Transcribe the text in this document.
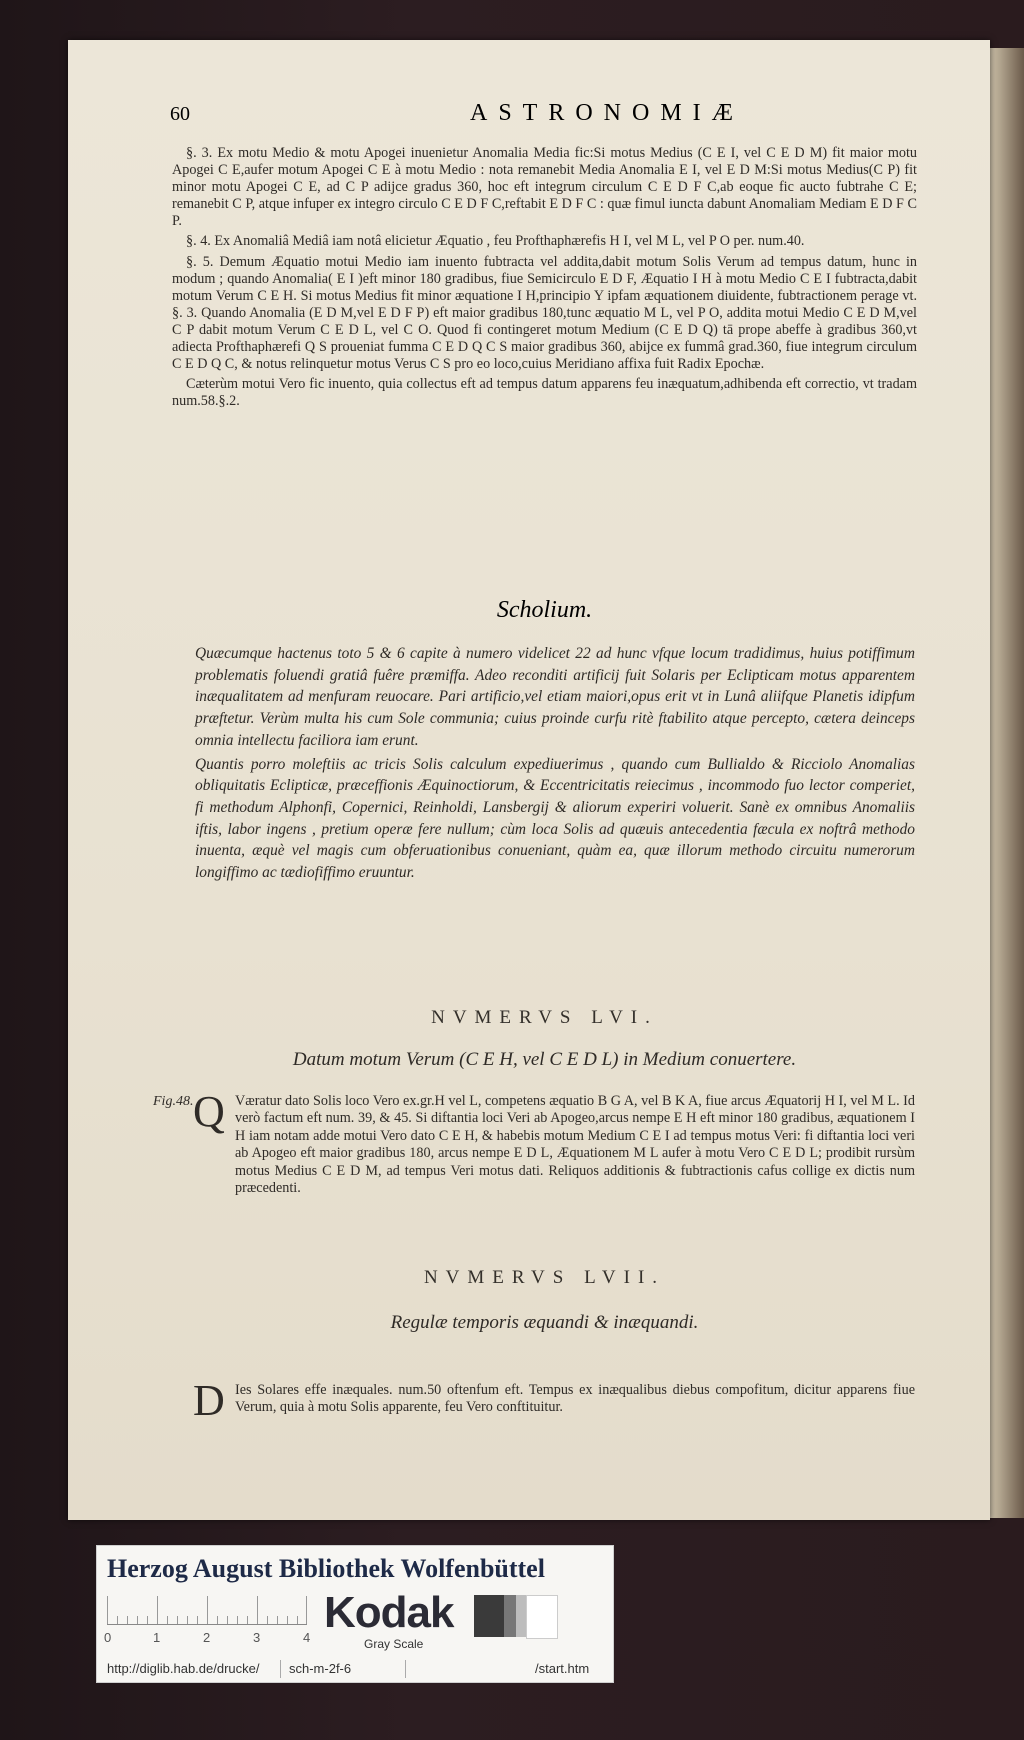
60	ASTRONOMIÆ

§. 3. Ex motu Medio & motu Apogei inuenietur Anomalia Media fic:Si motus Medius (C E I, vel C E D M) fit maior motu Apogei C E,aufer motum Apogei C E à motu Medio : nota remanebit Media Anomalia E I, vel E D M:Si motus Medius(C P) fit minor motu Apogei C E, ad C P adijce gradus 360, hoc eft integrum circulum C E D F C,ab eoque fic aucto fubtrahe C E; remanebit C P, atque infuper ex integro circulo C E D F C,reftabit E D F C : quæ fimul iuncta dabunt Anomaliam Mediam E D F C P.

§. 4. Ex Anomaliâ Mediâ iam notâ elicietur Æquatio , feu Profthaphærefis H I, vel M L, vel P O per. num.40.

§. 5. Demum Æquatio motui Medio iam inuento fubtracta vel addita,dabit motum Solis Verum ad tempus datum, hunc in modum ; quando Anomalia( E I )eft minor 180 gradibus, fiue Semicirculo E D F, Æquatio I H à motu Medio C E I fubtracta,dabit motum Verum C E H. Si motus Medius fit minor æquatione I H,principio Y ipfam æquationem diuidente, fubtractionem perage vt. §. 3. Quando Anomalia (E D M,vel E D F P) eft maior gradibus 180,tunc æquatio M L, vel P O, addita motui Medio C E D M,vel C P dabit motum Verum C E D L, vel C O. Quod fi contingeret motum Medium (C E D Q) tā prope abeffe à gradibus 360,vt adiecta Profthaphærefi Q S proueniat fumma C E D Q C S maior gradibus 360, abijce ex fummâ grad.360, fiue integrum circulum C E D Q C, & notus relinquetur motus Verus C S pro eo loco,cuius Meridiano affixa fuit Radix Epochæ.

Cæterùm motui Vero fic inuento, quia collectus eft ad tempus datum apparens feu inæquatum,adhibenda eft correctio, vt tradam num.58.§.2.

Scholium.

Quæcumque hactenus toto 5 & 6 capite à numero videlicet 22 ad hunc vfque locum tradidimus, huius potiffimum problematis foluendi gratiâ fuêre præmiffa. Adeo reconditi artificij fuit Solaris per Eclipticam motus apparentem inæqualitatem ad menfuram reuocare. Pari artificio,vel etiam maiori,opus erit vt in Lunâ aliifque Planetis idipfum præftetur. Verùm multa his cum Sole communia; cuius proinde curfu ritè ftabilito atque percepto, cætera deinceps omnia intellectu faciliora iam erunt.

Quantis porro moleftiis ac tricis Solis calculum expediuerimus , quando cum Bullialdo & Ricciolo Anomalias obliquitatis Eclipticæ, præceffionis Æquinoctiorum, & Eccentricitatis reiecimus , incommodo fuo lector comperiet, fi methodum Alphonfi, Copernici, Reinholdi, Lansbergij & aliorum experiri voluerit. Sanè ex omnibus Anomaliis iftis, labor ingens , pretium operæ fere nullum; cùm loca Solis ad quæuis antecedentia fæcula ex noftrâ methodo inuenta, æquè vel magis cum obferuationibus conueniant, quàm ea, quæ illorum methodo circuitu numerorum longiffimo ac tædiofiffimo eruuntur.

NVMERVS LVI.
Datum motum Verum (C E H, vel C E D L) in Medium conuertere.
Fig.48. Q Væratur dato Solis loco Vero ex.gr.H vel L, competens æquatio B G A, vel B K A, fiue arcus Æquatorij H I, vel M L. Id verò factum eft num. 39, & 45. Si diftantia loci Veri ab Apogeo,arcus nempe E H eft minor 180 gradibus, æquationem I H iam notam adde motui Vero dato C E H, & habebis motum Medium C E I ad tempus motus Veri: fi diftantia loci veri ab Apogeo eft maior gradibus 180, arcus nempe E D L, Æquationem M L aufer à motu Vero C E D L; prodibit rursùm motus Medius C E D M, ad tempus Veri motus dati. Reliquos additionis & fubtractionis cafus collige ex dictis num præcedenti.
NVMERVS LVII.
Regulæ temporis æquandi & inæquandi.
D Ies Solares effe inæquales. num.50 oftenfum eft. Tempus ex inæqualibus diebus compofitum, dicitur apparens fiue Verum, quia à motu Solis apparente, feu Vero conftituitur.
Herzog August Bibliothek Wolfenbüttel
0	1	2	3	4
Kodak
Gray Scale
http://diglib.hab.de/drucke/ sch-m-2f-6	/start.htm
